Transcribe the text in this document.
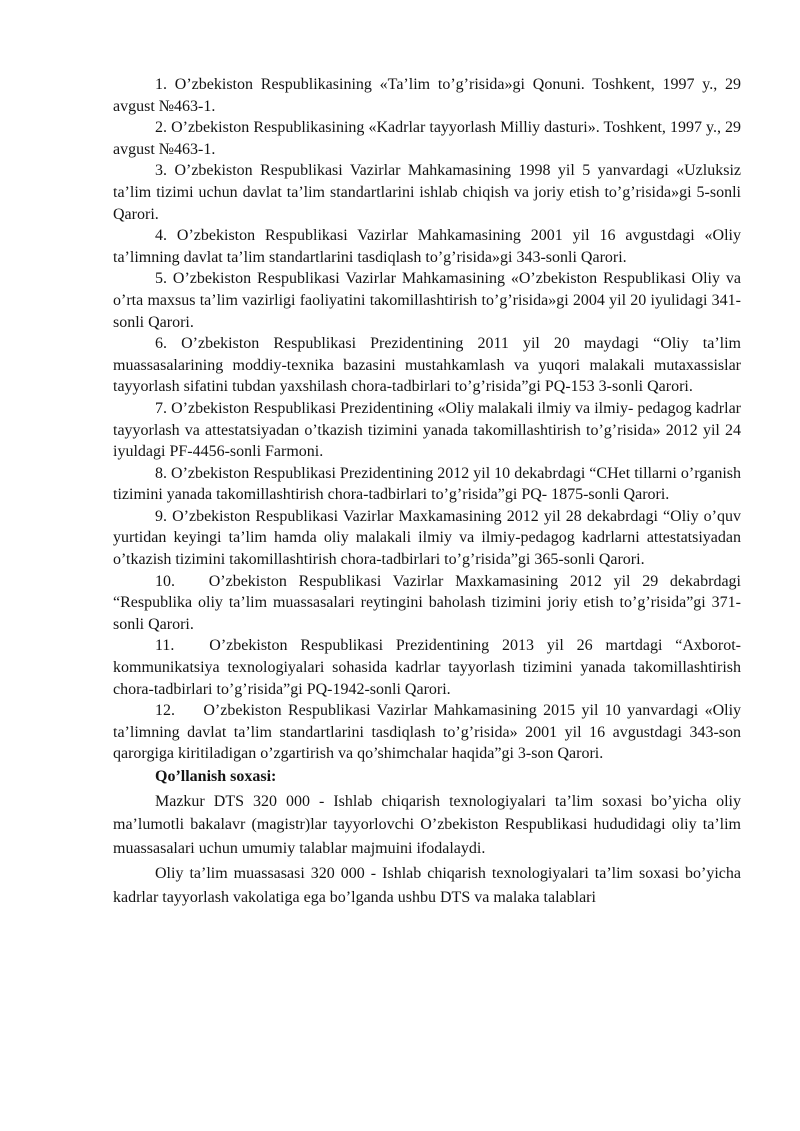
1. O’zbekiston Respublikasining «Ta’lim to’g’risida»gi Qonuni. Toshkent, 1997 y., 29 avgust №463-1.

2. O’zbekiston Respublikasining «Kadrlar tayyorlash Milliy dasturi». Toshkent, 1997 y., 29 avgust №463-1.

3. O’zbekiston Respublikasi Vazirlar Mahkamasining 1998 yil 5 yanvardagi «Uzluksiz ta’lim tizimi uchun davlat ta’lim standartlarini ishlab chiqish va joriy etish to’g’risida»gi 5-sonli Qarori.

4. O’zbekiston Respublikasi Vazirlar Mahkamasining 2001 yil 16 avgustdagi «Oliy ta’limning davlat ta’lim standartlarini tasdiqlash to’g’risida»gi 343-sonli Qarori.

5. O’zbekiston Respublikasi Vazirlar Mahkamasining «O’zbekiston Respublikasi Oliy va o’rta maxsus ta’lim vazirligi faoliyatini takomillashtirish to’g’risida»gi 2004 yil 20 iyulidagi 341-sonli Qarori.

6. O’zbekiston Respublikasi Prezidentining 2011 yil 20 maydagi “Oliy ta’lim muassasalarining moddiy-texnika bazasini mustahkamlash va yuqori malakali mutaxassislar tayyorlash sifatini tubdan yaxshilash chora-tadbirlari to’g’risida”gi PQ-153 3-sonli Qarori.

7. O’zbekiston Respublikasi Prezidentining «Oliy malakali ilmiy va ilmiy- pedagog kadrlar tayyorlash va attestatsiyadan o’tkazish tizimini yanada takomillashtirish to’g’risida» 2012 yil 24 iyuldagi PF-4456-sonli Farmoni.

8. O’zbekiston Respublikasi Prezidentining 2012 yil 10 dekabrdagi “CHet tillarni o’rganish tizimini yanada takomillashtirish chora-tadbirlari to’g’risida”gi PQ- 1875-sonli Qarori.

9. O’zbekiston Respublikasi Vazirlar Maxkamasining 2012 yil 28 dekabrdagi “Oliy o’quv yurtidan keyingi ta’lim hamda oliy malakali ilmiy va ilmiy-pedagog kadrlarni attestatsiyadan o’tkazish tizimini takomillashtirish chora-tadbirlari to’g’risida”gi 365-sonli Qarori.

10. O’zbekiston Respublikasi Vazirlar Maxkamasining 2012 yil 29 dekabrdagi “Respublika oliy ta’lim muassasalari reytingini baholash tizimini joriy etish to’g’risida”gi 371-sonli Qarori.

11. O’zbekiston Respublikasi Prezidentining 2013 yil 26 martdagi “Axborot- kommunikatsiya texnologiyalari sohasida kadrlar tayyorlash tizimini yanada takomillashtirish chora-tadbirlari to’g’risida”gi PQ-1942-sonli Qarori.

12. O’zbekiston Respublikasi Vazirlar Mahkamasining 2015 yil 10 yanvardagi «Oliy ta’limning davlat ta’lim standartlarini tasdiqlash to’g’risida» 2001 yil 16 avgustdagi 343-son qarorgiga kiritiladigan o’zgartirish va qo’shimchalar haqida”gi 3-son Qarori.

Qo’llanish soxasi:

Mazkur DTS 320 000 - Ishlab chiqarish texnologiyalari ta’lim soxasi bo’yicha oliy ma’lumotli bakalavr (magistr)lar tayyorlovchi O’zbekiston Respublikasi hududidagi oliy ta’lim muassasalari uchun umumiy talablar majmuini ifodalaydi.

Oliy ta’lim muassasasi 320 000 - Ishlab chiqarish texnologiyalari ta’lim soxasi bo’yicha kadrlar tayyorlash vakolatiga ega bo’lganda ushbu DTS va malaka talablari
